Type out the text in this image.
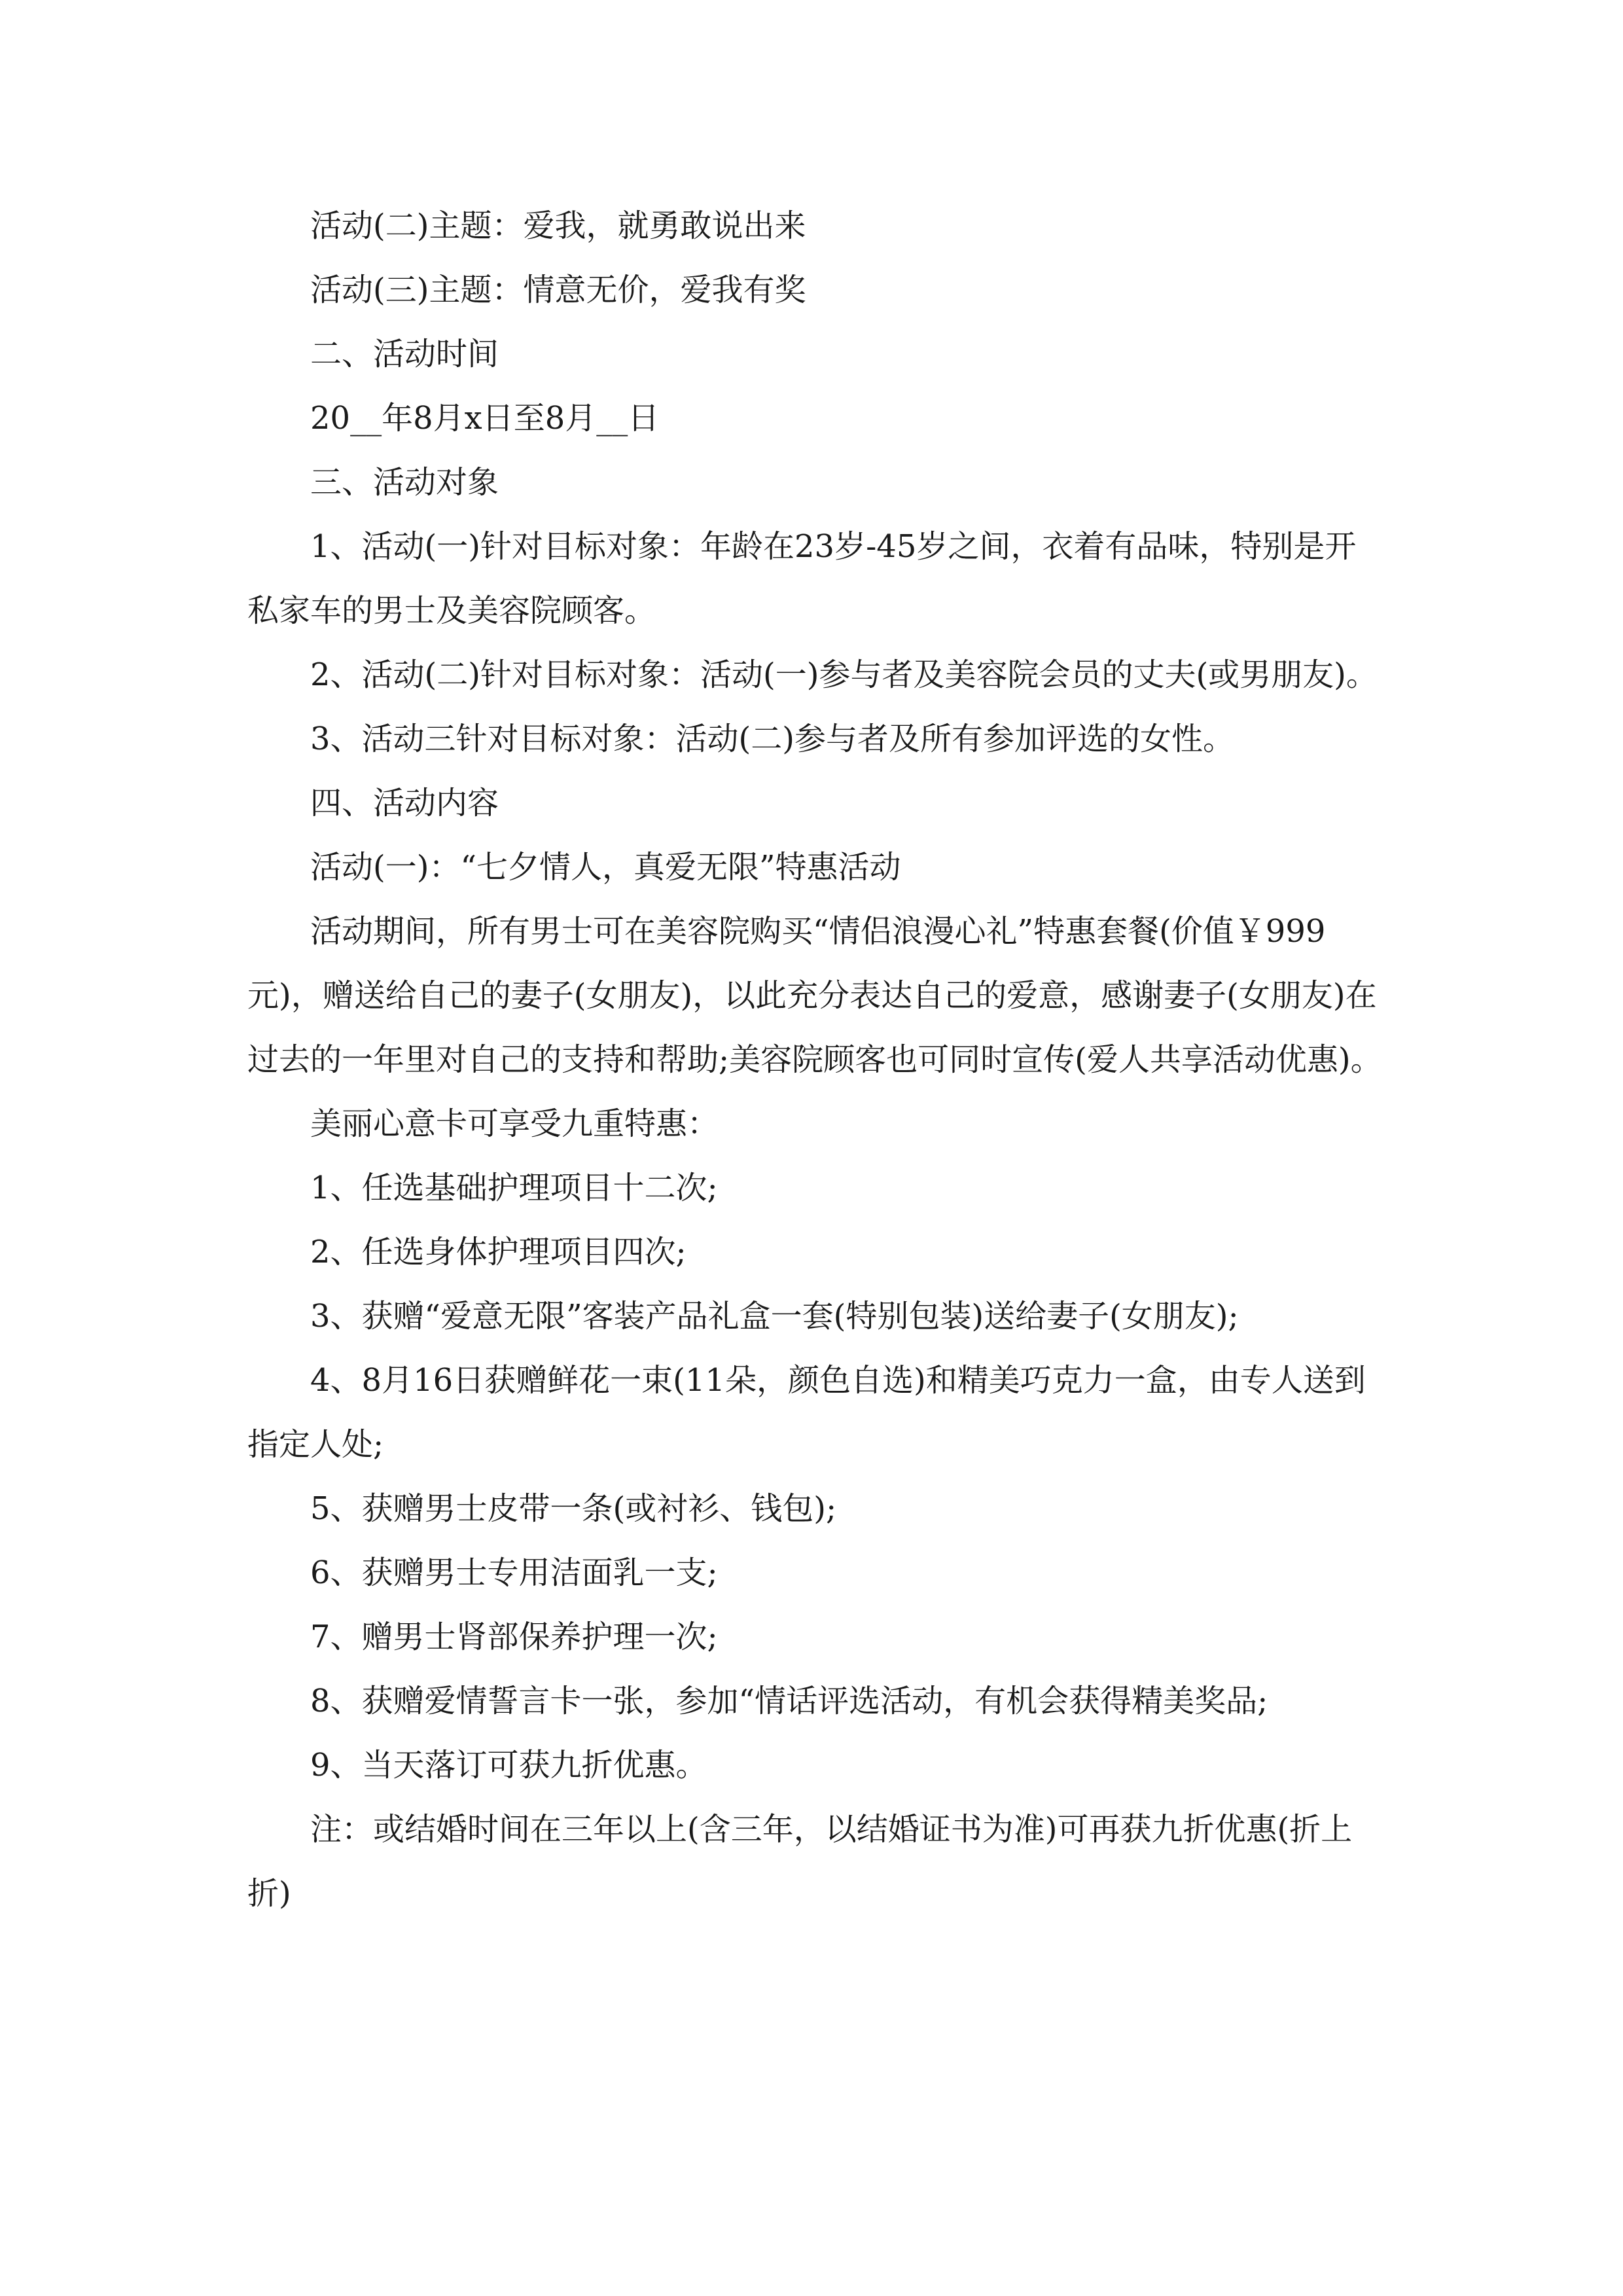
活动(二)主题：爱我，就勇敢说出来

活动(三)主题：情意无价，爱我有奖

二、活动时间

20__年8月x日至8月__日

三、活动对象

1、活动(一)针对目标对象：年龄在23岁-45岁之间，衣着有品味，特别是开私家车的男士及美容院顾客。

2、活动(二)针对目标对象：活动(一)参与者及美容院会员的丈夫(或男朋友)。

3、活动三针对目标对象：活动(二)参与者及所有参加评选的女性。

四、活动内容

活动(一)：“七夕情人，真爱无限”特惠活动

活动期间，所有男士可在美容院购买“情侣浪漫心礼”特惠套餐(价值￥999元)，赠送给自己的妻子(女朋友)，以此充分表达自己的爱意，感谢妻子(女朋友)在过去的一年里对自己的支持和帮助;美容院顾客也可同时宣传(爱人共享活动优惠)。

美丽心意卡可享受九重特惠：

1、任选基础护理项目十二次;

2、任选身体护理项目四次;

3、获赠“爱意无限”客装产品礼盒一套(特别包装)送给妻子(女朋友);

4、8月16日获赠鲜花一束(11朵，颜色自选)和精美巧克力一盒，由专人送到指定人处;

5、获赠男士皮带一条(或衬衫、钱包);

6、获赠男士专用洁面乳一支;

7、赠男士肾部保养护理一次;

8、获赠爱情誓言卡一张，参加“情话评选活动，有机会获得精美奖品;

9、当天落订可获九折优惠。

注：或结婚时间在三年以上(含三年，以结婚证书为准)可再获九折优惠(折上折)
